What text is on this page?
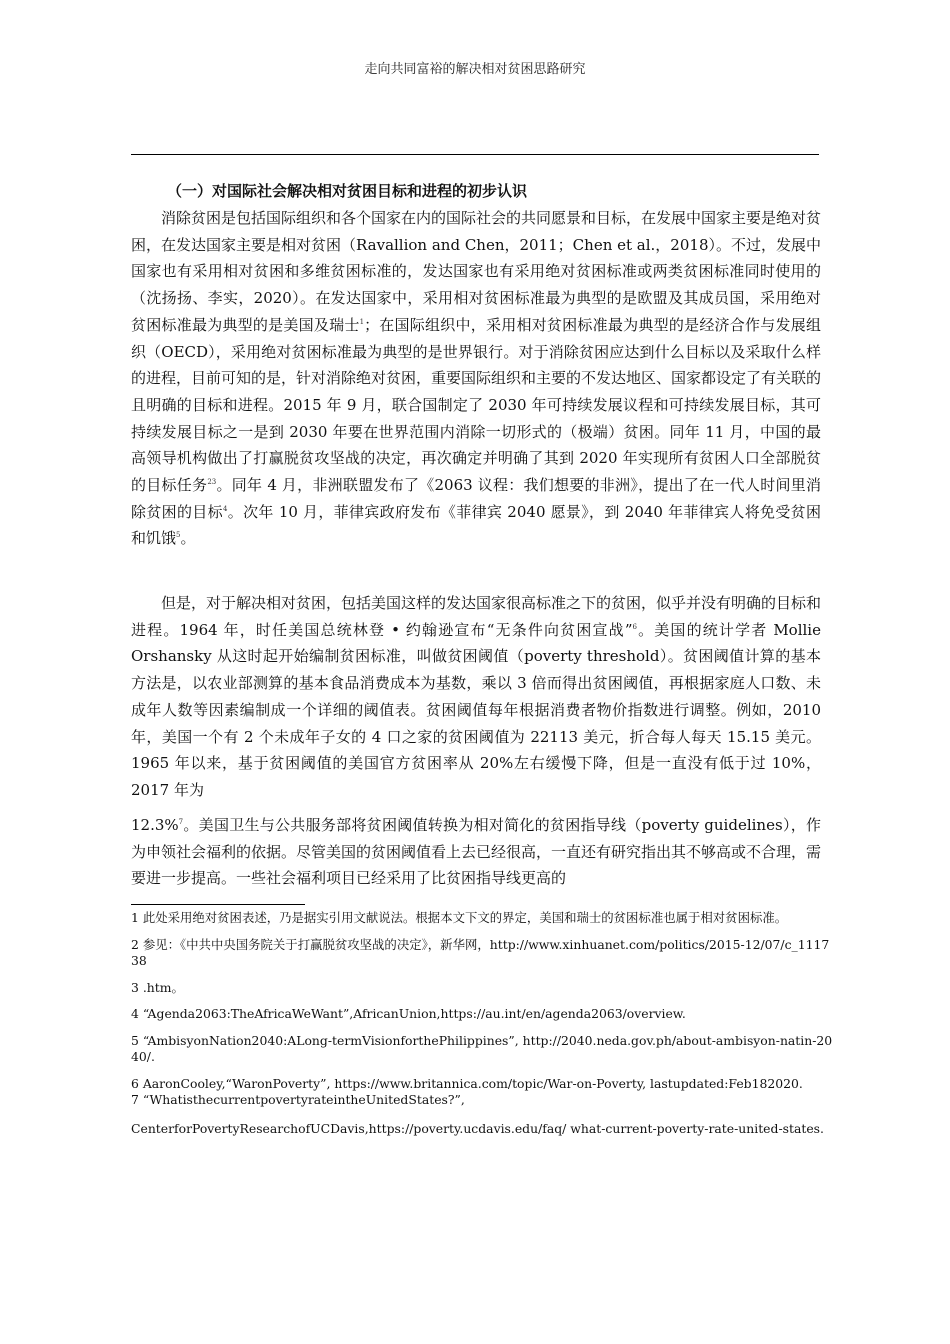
走向共同富裕的解决相对贫困思路研究
（一）对国际社会解决相对贫困目标和进程的初步认识

消除贫困是包括国际组织和各个国家在内的国际社会的共同愿景和目标，在发展中国家主要是绝对贫困，在发达国家主要是相对贫困（Ravallion and Chen，2011；Chen et al.，2018）。不过，发展中国家也有采用相对贫困和多维贫困标准的，发达国家也有采用绝对贫困标准或两类贫困标准同时使用的（沈扬扬、李实，2020）。在发达国家中，采用相对贫困标准最为典型的是欧盟及其成员国，采用绝对贫困标准最为典型的是美国及瑞士$^1$；在国际组织中，采用相对贫困标准最为典型的是经济合作与发展组织（OECD），采用绝对贫困标准最为典型的是世界银行。对于消除贫困应达到什么目标以及采取什么样的进程，目前可知的是，针对消除绝对贫困，重要国际组织和主要的不发达地区、国家都设定了有关联的且明确的目标和进程。2015 年 9 月，联合国制定了 2030 年可持续发展议程和可持续发展目标，其可持续发展目标之一是到 2030 年要在世界范围内消除一切形式的（极端）贫困。同年 11 月，中国的最高领导机构做出了打赢脱贫攻坚战的决定，再次确定并明确了其到 2020 年实现所有贫困人口全部脱贫的目标任务$^{23}$。同年 4 月，非洲联盟发布了《2063 议程：我们想要的非洲》，提出了在一代人时间里消除贫困的目标$^4$。次年 10 月，菲律宾政府发布《菲律宾 2040 愿景》，到 2040 年菲律宾人将免受贫困和饥饿$^5$。

但是，对于解决相对贫困，包括美国这样的发达国家很高标准之下的贫困，似乎并没有明确的目标和进程。1964 年，时任美国总统林登 • 约翰逊宣布“无条件向贫困宣战”$^6$。美国的统计学者 Mollie Orshansky 从这时起开始编制贫困标准，叫做贫困阈值（poverty threshold）。贫困阈值计算的基本方法是，以农业部测算的基本食品消费成本为基数，乘以 3 倍而得出贫困阈值，再根据家庭人口数、未成年人数等因素编制成一个详细的阈值表。贫困阈值每年根据消费者物价指数进行调整。例如，2010 年，美国一个有 2 个未成年子女的 4 口之家的贫困阈值为 22113 美元，折合每人每天 15.15 美元。1965 年以来，基于贫困阈值的美国官方贫困率从 20%左右缓慢下降，但是一直没有低于过 10%，2017 年为

12.3%$^7$。美国卫生与公共服务部将贫困阈值转换为相对简化的贫困指导线（poverty guidelines），作为申领社会福利的依据。尽管美国的贫困阈值看上去已经很高，一直还有研究指出其不够高或不合理，需要进一步提高。一些社会福利项目已经采用了比贫困指导线更高的

1 此处采用绝对贫困表述，乃是据实引用文献说法。根据本文下文的界定，美国和瑞士的贫困标准也属于相对贫困标准。
2 参见：《中共中央国务院关于打赢脱贫攻坚战的决定》，新华网，http://www.xinhuanet.com/politics/2015-12/07/c_111738
3 .htm。
4 “Agenda2063:TheAfricaWeWant”,AfricanUnion,https://au.int/en/agenda2063/overview.
5 “AmbisyonNation2040:ALong-termVisionforthePhilippines”, http://2040.neda.gov.ph/about-ambisyon-natin-2040/.
6 AaronCooley,“WaronPoverty”, https://www.britannica.com/topic/War-on-Poverty, lastupdated:Feb182020.
7 “WhatisthecurrentpovertyrateintheUnitedStates?”,
CenterforPovertyResearchofUCDavis,https://poverty.ucdavis.edu/faq/ what-current-poverty-rate-united-states.
